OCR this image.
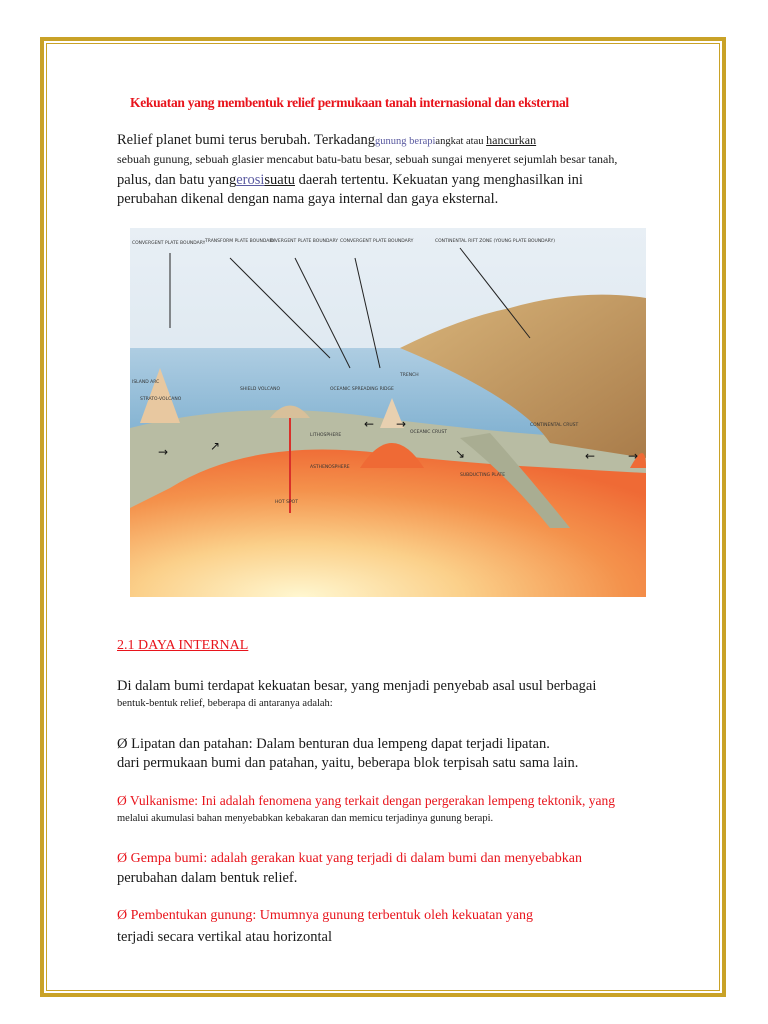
Kekuatan yang membentuk relief permukaan tanah internasional dan eksternal
Relief planet bumi terus berubah. Terkadanggunung berapiangkat atau hancurkan
sebuah gunung, sebuah glasier mencabut batu-batu besar, sebuah sungai menyeret sejumlah besar tanah,
palus, dan batu yangerosisuatu daerah tertentu. Kekuatan yang menghasilkan ini
perubahan dikenal dengan nama gaya internal dan gaya eksternal.
→	↗
← →
↘	←	→
CONVERGENT PLATE BOUNDARY TRANSFORM PLATE BOUNDARY
DIVERGENT PLATE BOUNDARY CONVERGENT PLATE BOUNDARY	CONTINENTAL RIFT ZONE (YOUNG PLATE BOUNDARY)
ISLAND ARC
SHIELD VOLCANO	OCEANIC SPREADING RIDGE
TRENCH
LITHOSPHERE
ASTHENOSPHERE
HOT SPOT
OCEANIC CRUST
CONTINENTAL CRUST
SUBDUCTING PLATE
STRATO-VOLCANO
2.1 DAYA INTERNAL
Di dalam bumi terdapat kekuatan besar, yang menjadi penyebab asal usul berbagai
bentuk-bentuk relief, beberapa di antaranya adalah:
Ø Lipatan dan patahan: Dalam benturan dua lempeng dapat terjadi lipatan.
dari permukaan bumi dan patahan, yaitu, beberapa blok terpisah satu sama lain.
Ø Vulkanisme: Ini adalah fenomena yang terkait dengan pergerakan lempeng tektonik, yang
melalui akumulasi bahan menyebabkan kebakaran dan memicu terjadinya gunung berapi.
Ø Gempa bumi: adalah gerakan kuat yang terjadi di dalam bumi dan menyebabkan
perubahan dalam bentuk relief.
Ø Pembentukan gunung: Umumnya gunung terbentuk oleh kekuatan yang
terjadi secara vertikal atau horizontal
